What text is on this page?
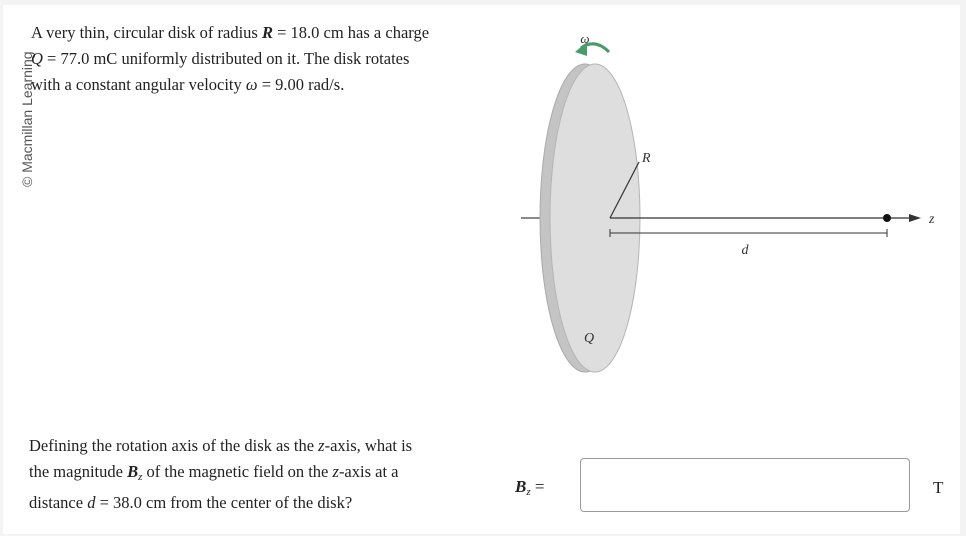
© Macmillan Learning
A very thin, circular disk of radius R = 18.0 cm has a charge
Q = 77.0 mC uniformly distributed on it. The disk rotates
with a constant angular velocity ω = 9.00 rad/s.
ω
R
z
d
Q
Defining the rotation axis of the disk as the z-axis, what is
the magnitude $B_z$ of the magnetic field on the z-axis at a
distance d = 38.0 cm from the center of the disk?
$B_z$ =	T
